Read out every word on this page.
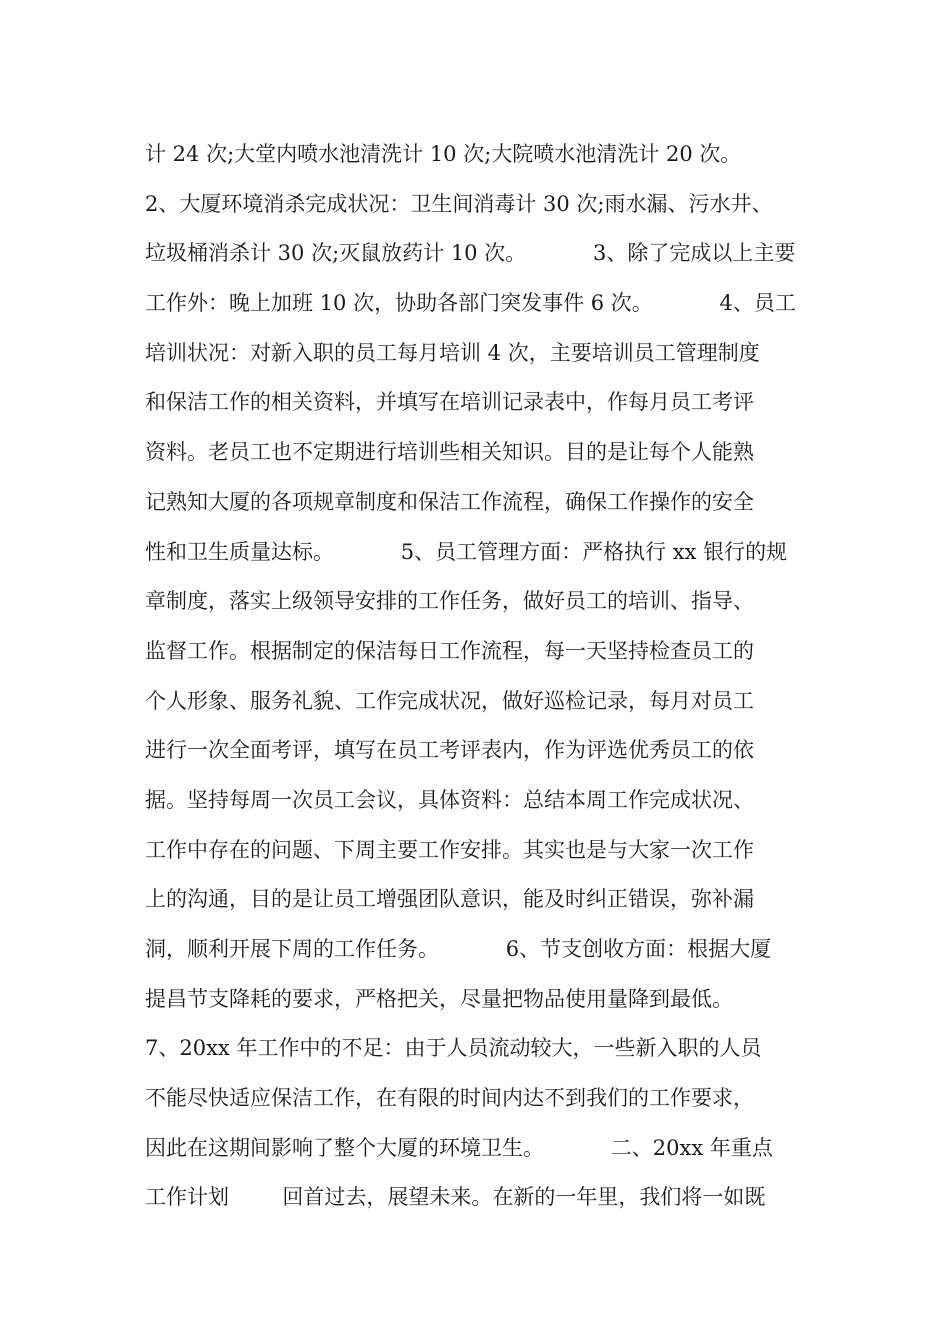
计 24 次;大堂内喷水池清洗计 10 次;大院喷水池清洗计 20 次。
2、大厦环境消杀完成状况：卫生间消毒计 30 次;雨水漏、污水井、
垃圾桶消杀计 30 次;灭鼠放药计 10 次。          3、除了完成以上主要
工作外：晚上加班 10 次，协助各部门突发事件 6 次。          4、员工
培训状况：对新入职的员工每月培训 4 次，主要培训员工管理制度
和保洁工作的相关资料，并填写在培训记录表中，作每月员工考评
资料。老员工也不定期进行培训些相关知识。目的是让每个人能熟
记熟知大厦的各项规章制度和保洁工作流程，确保工作操作的安全
性和卫生质量达标。          5、员工管理方面：严格执行 xx 银行的规
章制度，落实上级领导安排的工作任务，做好员工的培训、指导、
监督工作。根据制定的保洁每日工作流程，每一天坚持检查员工的
个人形象、服务礼貌、工作完成状况，做好巡检记录，每月对员工
进行一次全面考评，填写在员工考评表内，作为评选优秀员工的依
据。坚持每周一次员工会议，具体资料：总结本周工作完成状况、
工作中存在的问题、下周主要工作安排。其实也是与大家一次工作
上的沟通，目的是让员工增强团队意识，能及时纠正错误，弥补漏
洞，顺利开展下周的工作任务。          6、节支创收方面：根据大厦
提昌节支降耗的要求，严格把关，尽量把物品使用量降到最低。
7、20xx 年工作中的不足：由于人员流动较大，一些新入职的人员
不能尽快适应保洁工作，在有限的时间内达不到我们的工作要求，
因此在这期间影响了整个大厦的环境卫生。          二、20xx 年重点
工作计划        回首过去，展望未来。在新的一年里，我们将一如既
